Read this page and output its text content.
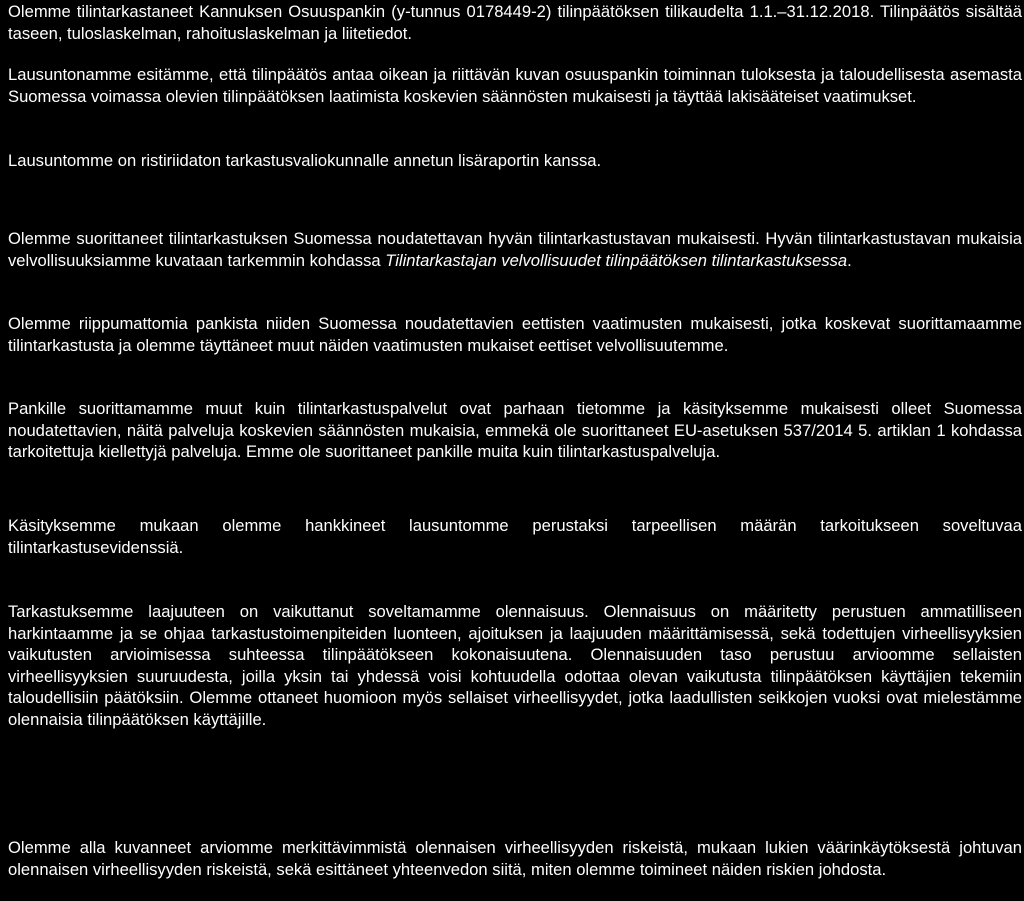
Olemme tilintarkastaneet Kannuksen Osuuspankin (y-tunnus 0178449-2) tilinpäätöksen tilikaudelta 1.1.–31.12.2018. Tilinpäätös sisältää taseen, tuloslaskelman, rahoituslaskelman ja liitetiedot.

Lausuntonamme esitämme, että tilinpäätös antaa oikean ja riittävän kuvan osuuspankin toiminnan tuloksesta ja taloudellisesta asemasta Suomessa voimassa olevien tilinpäätöksen laatimista koskevien säännösten mukaisesti ja täyttää lakisääteiset vaatimukset.

Lausuntomme on ristiriidaton tarkastusvaliokunnalle annetun lisäraportin kanssa.

Olemme suorittaneet tilintarkastuksen Suomessa noudatettavan hyvän tilintarkastustavan mukaisesti. Hyvän tilintarkastustavan mukaisia velvollisuuksiamme kuvataan tarkemmin kohdassa Tilintarkastajan velvollisuudet tilinpäätöksen tilintarkastuksessa.

Olemme riippumattomia pankista niiden Suomessa noudatettavien eettisten vaatimusten mukaisesti, jotka koskevat suorittamaamme tilintarkastusta ja olemme täyttäneet muut näiden vaatimusten mukaiset eettiset velvollisuutemme.

Pankille suorittamamme muut kuin tilintarkastuspalvelut ovat parhaan tietomme ja käsityksemme mukaisesti olleet Suomessa noudatettavien, näitä palveluja koskevien säännösten mukaisia, emmekä ole suorittaneet EU-asetuksen 537/2014 5. artiklan 1 kohdassa tarkoitettuja kiellettyjä palveluja. Emme ole suorittaneet pankille muita kuin tilintarkastuspalveluja.

Käsityksemme mukaan olemme hankkineet lausuntomme perustaksi tarpeellisen määrän tarkoitukseen soveltuvaa tilintarkastusevidenssiä.

Tarkastuksemme laajuuteen on vaikuttanut soveltamamme olennaisuus. Olennaisuus on määritetty perustuen ammatilliseen harkintaamme ja se ohjaa tarkastustoimenpiteiden luonteen, ajoituksen ja laajuuden määrittämisessä, sekä todettujen virheellisyyksien vaikutusten arvioimisessa suhteessa tilinpäätökseen kokonaisuutena. Olennaisuuden taso perustuu arvioomme sellaisten virheellisyyksien suuruudesta, joilla yksin tai yhdessä voisi kohtuudella odottaa olevan vaikutusta tilinpäätöksen käyttäjien tekemiin taloudellisiin päätöksiin. Olemme ottaneet huomioon myös sellaiset virheellisyydet, jotka laadullisten seikkojen vuoksi ovat mielestämme olennaisia tilinpäätöksen käyttäjille.

Olemme alla kuvanneet arviomme merkittävimmistä olennaisen virheellisyyden riskeistä, mukaan lukien väärinkäytöksestä johtuvan olennaisen virheellisyyden riskeistä, sekä esittäneet yhteenvedon siitä, miten olemme toimineet näiden riskien johdosta.
